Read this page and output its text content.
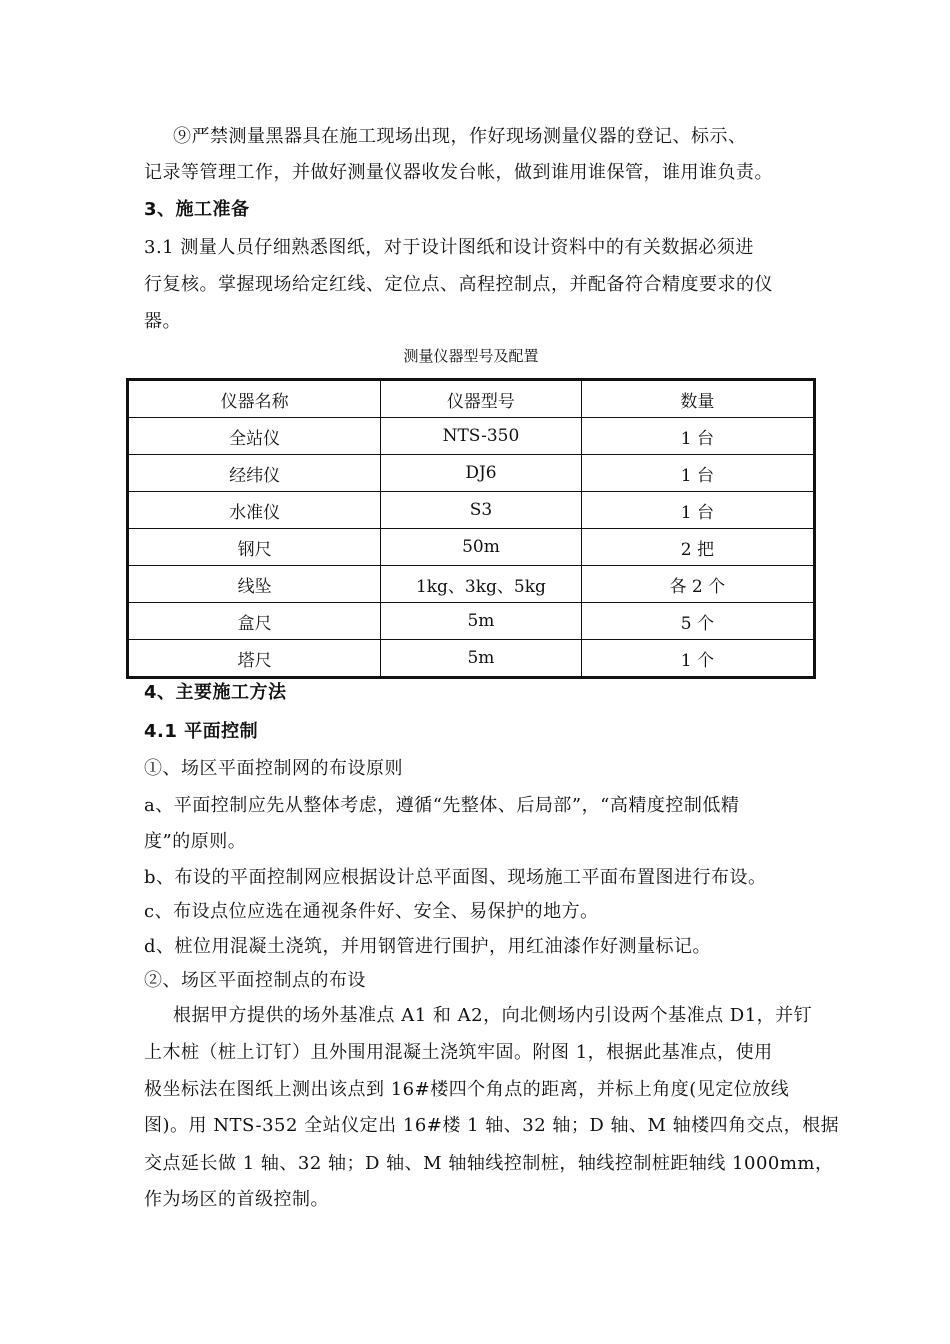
⑨严禁测量黑器具在施工现场出现，作好现场测量仪器的登记、标示、
记录等管理工作，并做好测量仪器收发台帐，做到谁用谁保管，谁用谁负责。
3、施工准备
3.1 测量人员仔细熟悉图纸，对于设计图纸和设计资料中的有关数据必须进
行复核。掌握现场给定红线、定位点、高程控制点，并配备符合精度要求的仪
器。
测量仪器型号及配置
仪器名称	仪器型号	数量
全站仪	NTS-350	1 台
经纬仪	DJ6	1 台
水准仪	S3	1 台
钢尺	50m	2 把
线坠	1kg、3kg、5kg	各 2 个
盒尺	5m	5 个
塔尺	5m	1 个
4、主要施工方法
4.1 平面控制
①、场区平面控制网的布设原则
a、平面控制应先从整体考虑，遵循“先整体、后局部”，“高精度控制低精
度”的原则。
b、布设的平面控制网应根据设计总平面图、现场施工平面布置图进行布设。
c、布设点位应选在通视条件好、安全、易保护的地方。
d、桩位用混凝土浇筑，并用钢管进行围护，用红油漆作好测量标记。
②、场区平面控制点的布设
根据甲方提供的场外基准点 A1 和 A2，向北侧场内引设两个基准点 D1，并钉
上木桩（桩上订钉）且外围用混凝土浇筑牢固。附图 1，根据此基准点，使用
极坐标法在图纸上测出该点到 16#楼四个角点的距离，并标上角度(见定位放线
图)。用 NTS-352 全站仪定出 16#楼 1 轴、32 轴；D 轴、M 轴楼四角交点，根据
交点延长做 1 轴、32 轴；D 轴、M 轴轴线控制桩，轴线控制桩距轴线 1000mm，
作为场区的首级控制。
